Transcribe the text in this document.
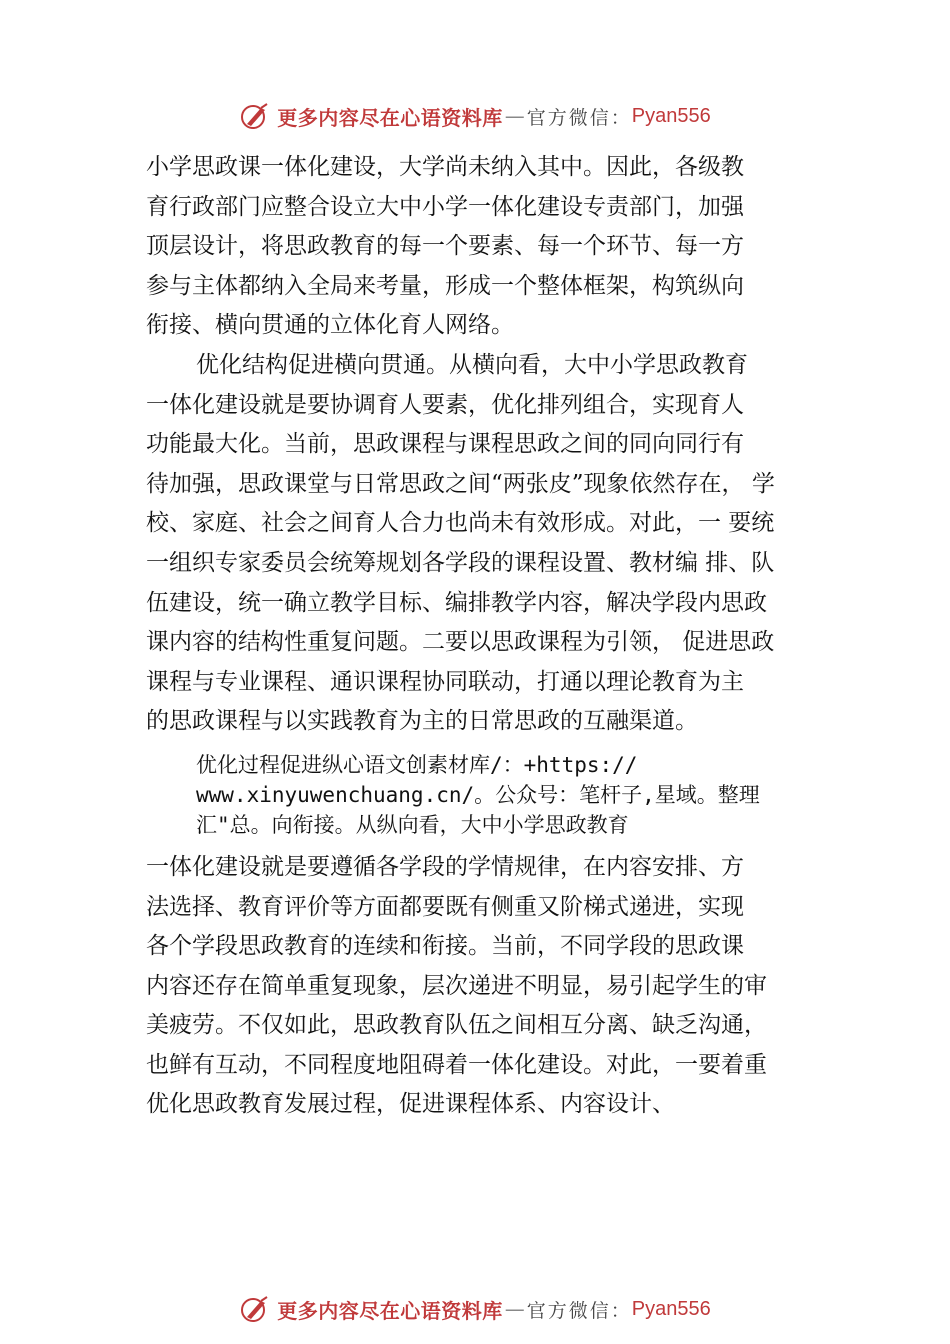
更多内容尽在心语资料库 — 官方微信： Pyan556
小学思政课一体化建设，大学尚未纳入其中。因此，各级教
育行政部门应整合设立大中小学一体化建设专责部门，加强
顶层设计，将思政教育的每一个要素、每一个环节、每一方
参与主体都纳入全局来考量，形成一个整体框架，构筑纵向
衔接、横向贯通的立体化育人网络。
优化结构促进横向贯通。从横向看，大中小学思政教育
一体化建设就是要协调育人要素，优化排列组合，实现育人
功能最大化。当前，思政课程与课程思政之间的同向同行有
待加强，思政课堂与日常思政之间“两张皮”现象依然存在， 学
校、家庭、社会之间育人合力也尚未有效形成。对此，一 要统
一组织专家委员会统筹规划各学段的课程设置、教材编 排、队
伍建设，统一确立教学目标、编排教学内容，解决学段内思政
课内容的结构性重复问题。二要以思政课程为引领， 促进思政
课程与专业课程、通识课程协同联动，打通以理论教育为主
的思政课程与以实践教育为主的日常思政的互融渠道。
优化过程促进纵心语文创素材库/：+https://
www.xinyuwenchuang.cn/。公众号：笔杆子,星域。整理
汇"总。向衔接。从纵向看，大中小学思政教育
一体化建设就是要遵循各学段的学情规律，在内容安排、方
法选择、教育评价等方面都要既有侧重又阶梯式递进，实现
各个学段思政教育的连续和衔接。当前，不同学段的思政课
内容还存在简单重复现象，层次递进不明显，易引起学生的审
美疲劳。不仅如此，思政教育队伍之间相互分离、缺乏沟通，
也鲜有互动，不同程度地阻碍着一体化建设。对此，一要着重
优化思政教育发展过程，促进课程体系、内容设计、
更多内容尽在心语资料库 — 官方微信： Pyan556
